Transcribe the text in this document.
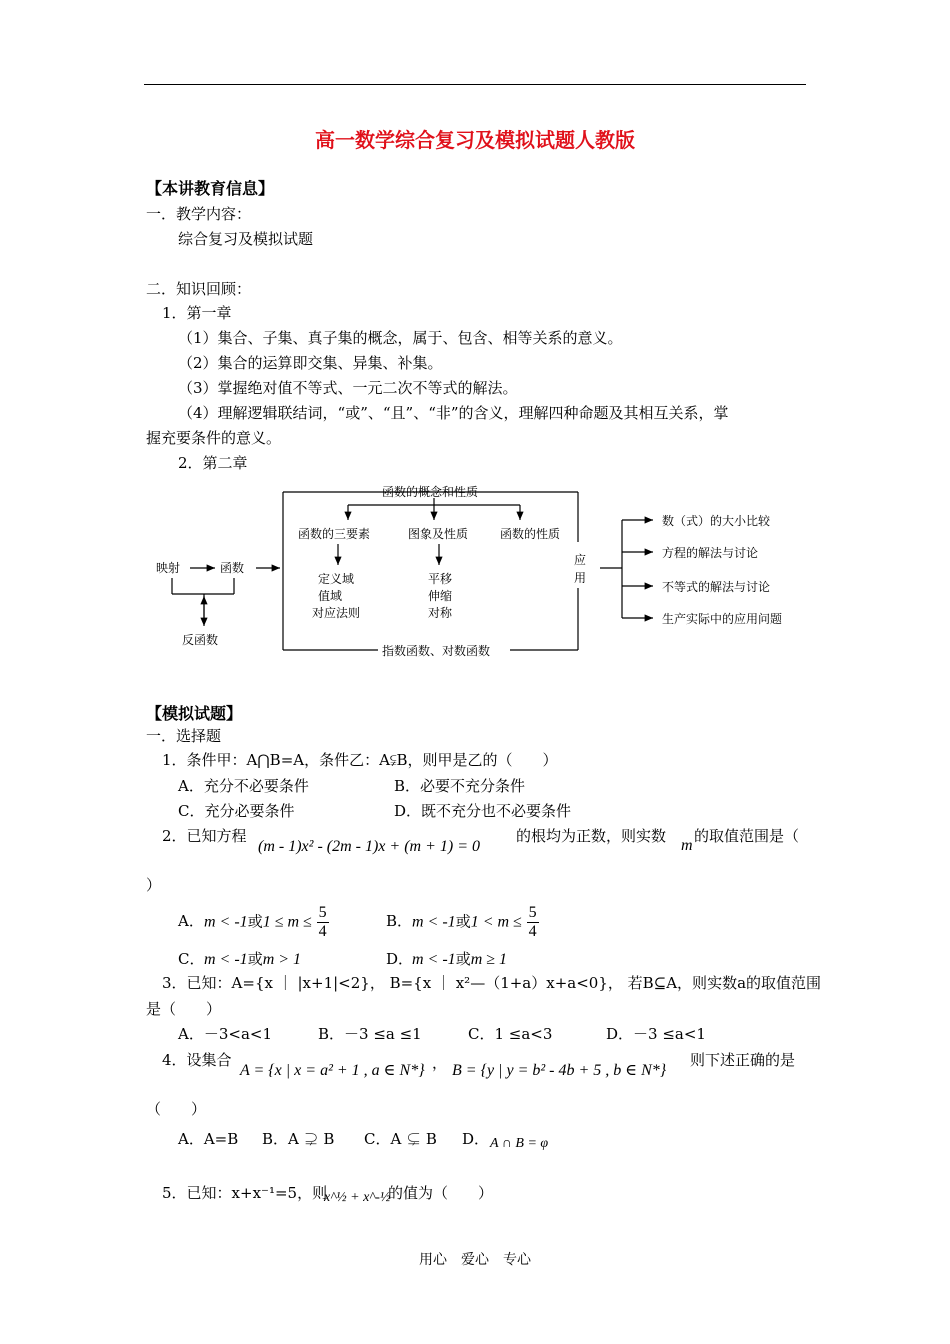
高一数学综合复习及模拟试题人教版
【本讲教育信息】
一．教学内容：
综合复习及模拟试题
二．知识回顾：
1．第一章
（1）集合、子集、真子集的概念，属于、包含、相等关系的意义。
（2）集合的运算即交集、异集、补集。
（3）掌握绝对值不等式、一元二次不等式的解法。
（4）理解逻辑联结词，“或”、“且”、“非”的含义，理解四种命题及其相互关系，掌
握充要条件的意义。
2．第二章
函数的概念和性质
函数的三要素	图象及性质	函数的性质
映射	函数
反函数
定义域
值域
对应法则
平移
伸缩
对称
指数函数、对数函数
应
用
数（式）的大小比较
方程的解法与讨论
不等式的解法与讨论
生产实际中的应用问题
【模拟试题】
一．选择题
1．条件甲：A⋂B=A，条件乙：A⫋B，则甲是乙的（　　）
A．充分不必要条件	B．必要不充分条件
C．充分必要条件	D．既不充分也不必要条件
2．已知方程
(m - 1)x² - (2m - 1)x + (m + 1) = 0
的根均为正数，则实数
m
的取值范围是（
）
A． m < -1或$1 \le m \le \frac{5}{4}$	B． m < -1或$1 < m \le \frac{5}{4}$
C． m < -1或m > 1	D．
m < -1或m ≥ 1
3．已知：A={x ｜ |x+1|<2}， B={x ｜ x²—（1+a）x+a<0}， 若B⊆A，则实数a的取值范围
是（　　）
A．－3<a<1	B．－3 ≤a ≤1	C．1 ≤a<3	D．－3 ≤a<1
4．设集合
A = {x | x = a² + 1 , a ∈ N*} ， B = {y | y = b² - 4b + 5 , b ∈ N*}
则下述正确的是
（　　）
A．A=B B．A ⊋ B C．A ⊊ B D． A ∩ B = φ
5．已知：x+x⁻¹=5，则
x^½ + x^-½
的值为（　　）
用心　爱心　专心
